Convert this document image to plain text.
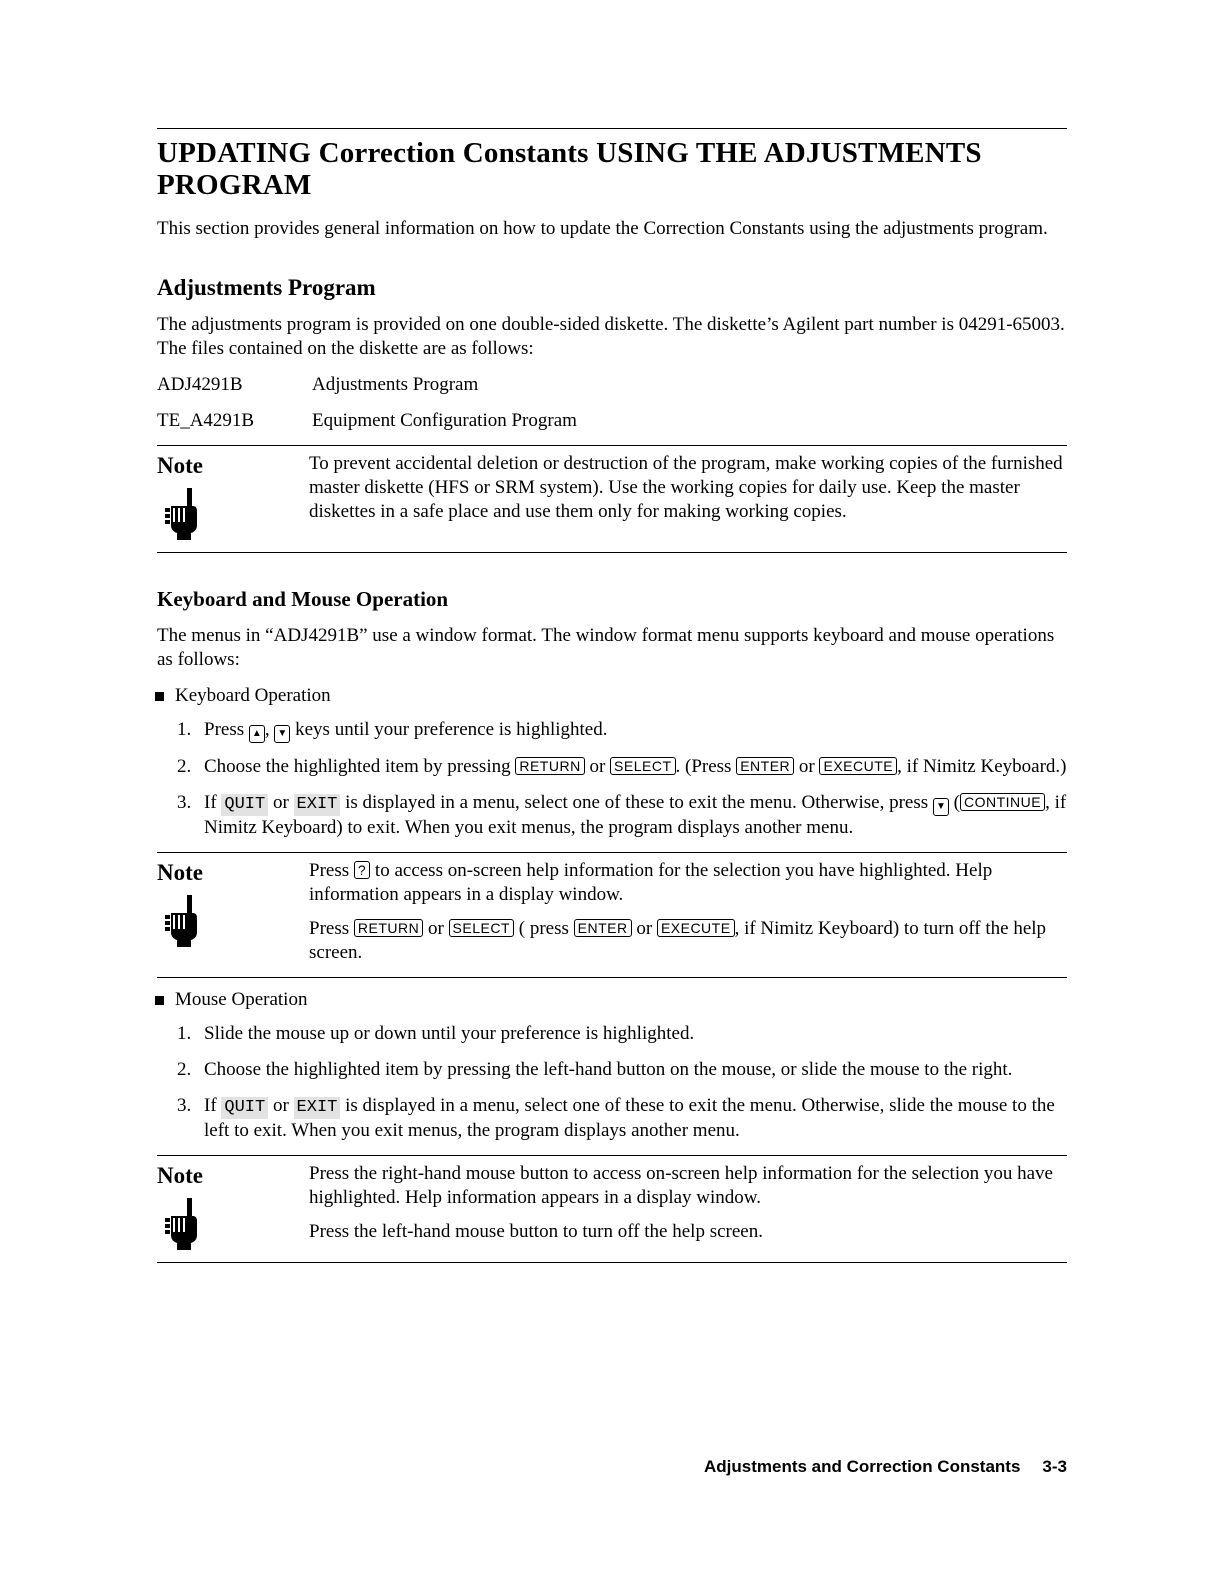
UPDATING Correction Constants USING THE ADJUSTMENTS PROGRAM

This section provides general information on how to update the Correction Constants using the adjustments program.

Adjustments Program

The adjustments program is provided on one double-sided diskette. The diskette’s Agilent part number is 04291-65003. The files contained on the diskette are as follows:

ADJ4291B	Adjustments Program
TE_A4291B	Equipment Configuration Program
Note	To prevent accidental deletion or destruction of the program, make working copies of the furnished master diskette (HFS or SRM system). Use the working copies for daily use. Keep the master diskettes in a safe place and use them only for making working copies.

Keyboard and Mouse Operation

The menus in “ADJ4291B” use a window format. The window format menu supports keyboard and mouse operations as follows:

Keyboard Operation
1. Press ▲ , ▼ keys until your preference is highlighted.
2. Choose the highlighted item by pressing RETURN or SELECT . (Press ENTER or EXECUTE , if Nimitz Keyboard.)
3. If QUIT or EXIT is displayed in a menu, select one of these to exit the menu. Otherwise, press ▼ ( CONTINUE , if Nimitz Keyboard) to exit. When you exit menus, the program displays another menu.
Note	Press ? to access on-screen help information for the selection you have highlighted. Help information appears in a display window.

Press RETURN or SELECT ( press ENTER or EXECUTE , if Nimitz Keyboard) to turn off the help screen.

Mouse Operation
1. Slide the mouse up or down until your preference is highlighted.
2. Choose the highlighted item by pressing the left-hand button on the mouse, or slide the mouse to the right.
3. If QUIT or EXIT is displayed in a menu, select one of these to exit the menu. Otherwise, slide the mouse to the left to exit. When you exit menus, the program displays another menu.
Note	Press the right-hand mouse button to access on-screen help information for the selection you have highlighted. Help information appears in a display window.

Press the left-hand mouse button to turn off the help screen.

Adjustments and Correction Constants 3-3
